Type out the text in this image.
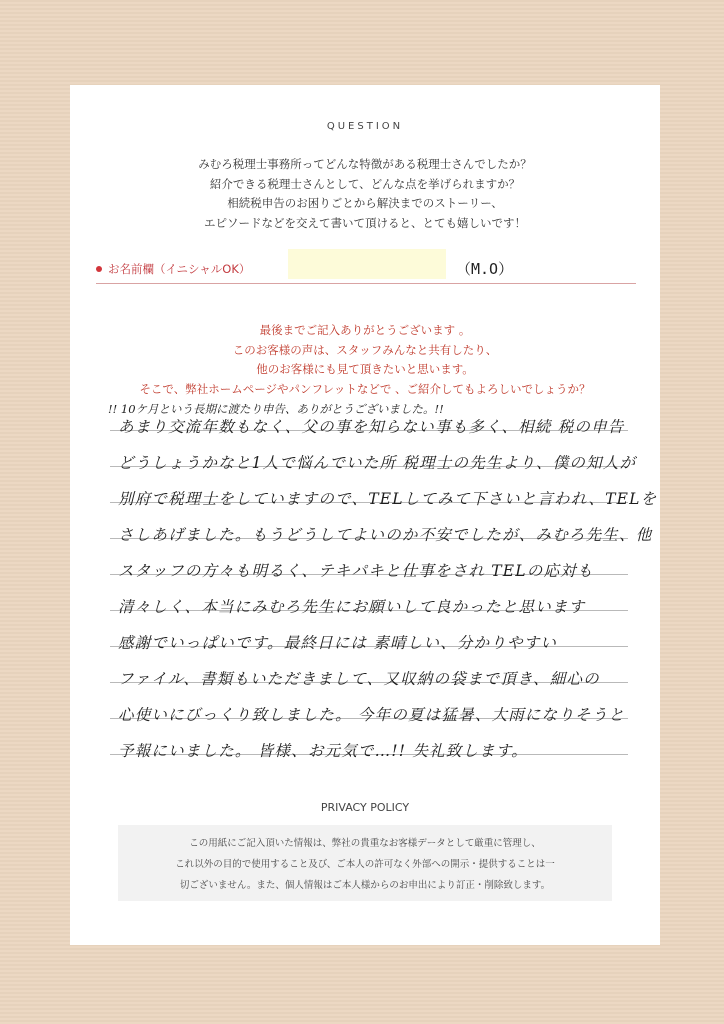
QUESTION
みむろ税理士事務所ってどんな特徴がある税理士さんでしたか？
紹介できる税理士さんとして、どんな点を挙げられますか？
相続税申告のお困りごとから解決までのストーリー、
エピソードなどを交えて書いて頂けると、とても嬉しいです！
お名前欄（イニシャルOK）	（M.O）
最後までご記入ありがとうございます 。
このお客様の声は、スタッフみんなと共有したり、
他のお客様にも見て頂きたいと思います。
そこで、弊社ホームページやパンフレットなどで 、ご紹介してもよろしいでしょうか？
!! 10ケ月という長期に渡たり申告、ありがとうございました。!!
あまり交流年数もなく、父の事を知らない事も多く、相続 税の申告
どうしょうかなと1人で悩んでいた所 税理士の先生より、僕の知人が
別府で税理士をしていますので、TELしてみて下さいと言われ、TELを
さしあげました。もうどうしてよいのか不安でしたが、みむろ先生、他
スタッフの方々も明るく、テキパキと仕事をされ TELの応対も
清々しく、本当にみむろ先生にお願いして良かったと思います
感謝でいっぱいです。最終日には 素晴しい、分かりやすい
ファイル、書類もいただきまして、又収納の袋まで頂き、細心の
心使いにびっくり致しました。 今年の夏は猛暑、大雨になりそうと
予報にいました。 皆様、お元気で…!! 失礼致します。
PRIVACY POLICY
この用紙にご記入頂いた情報は、弊社の貴重なお客様データとして厳重に管理し、
これ以外の目的で使用すること及び、ご本人の許可なく外部への開示・提供することは一
切ございません。また、個人情報はご本人様からのお申出により訂正・削除致します。
